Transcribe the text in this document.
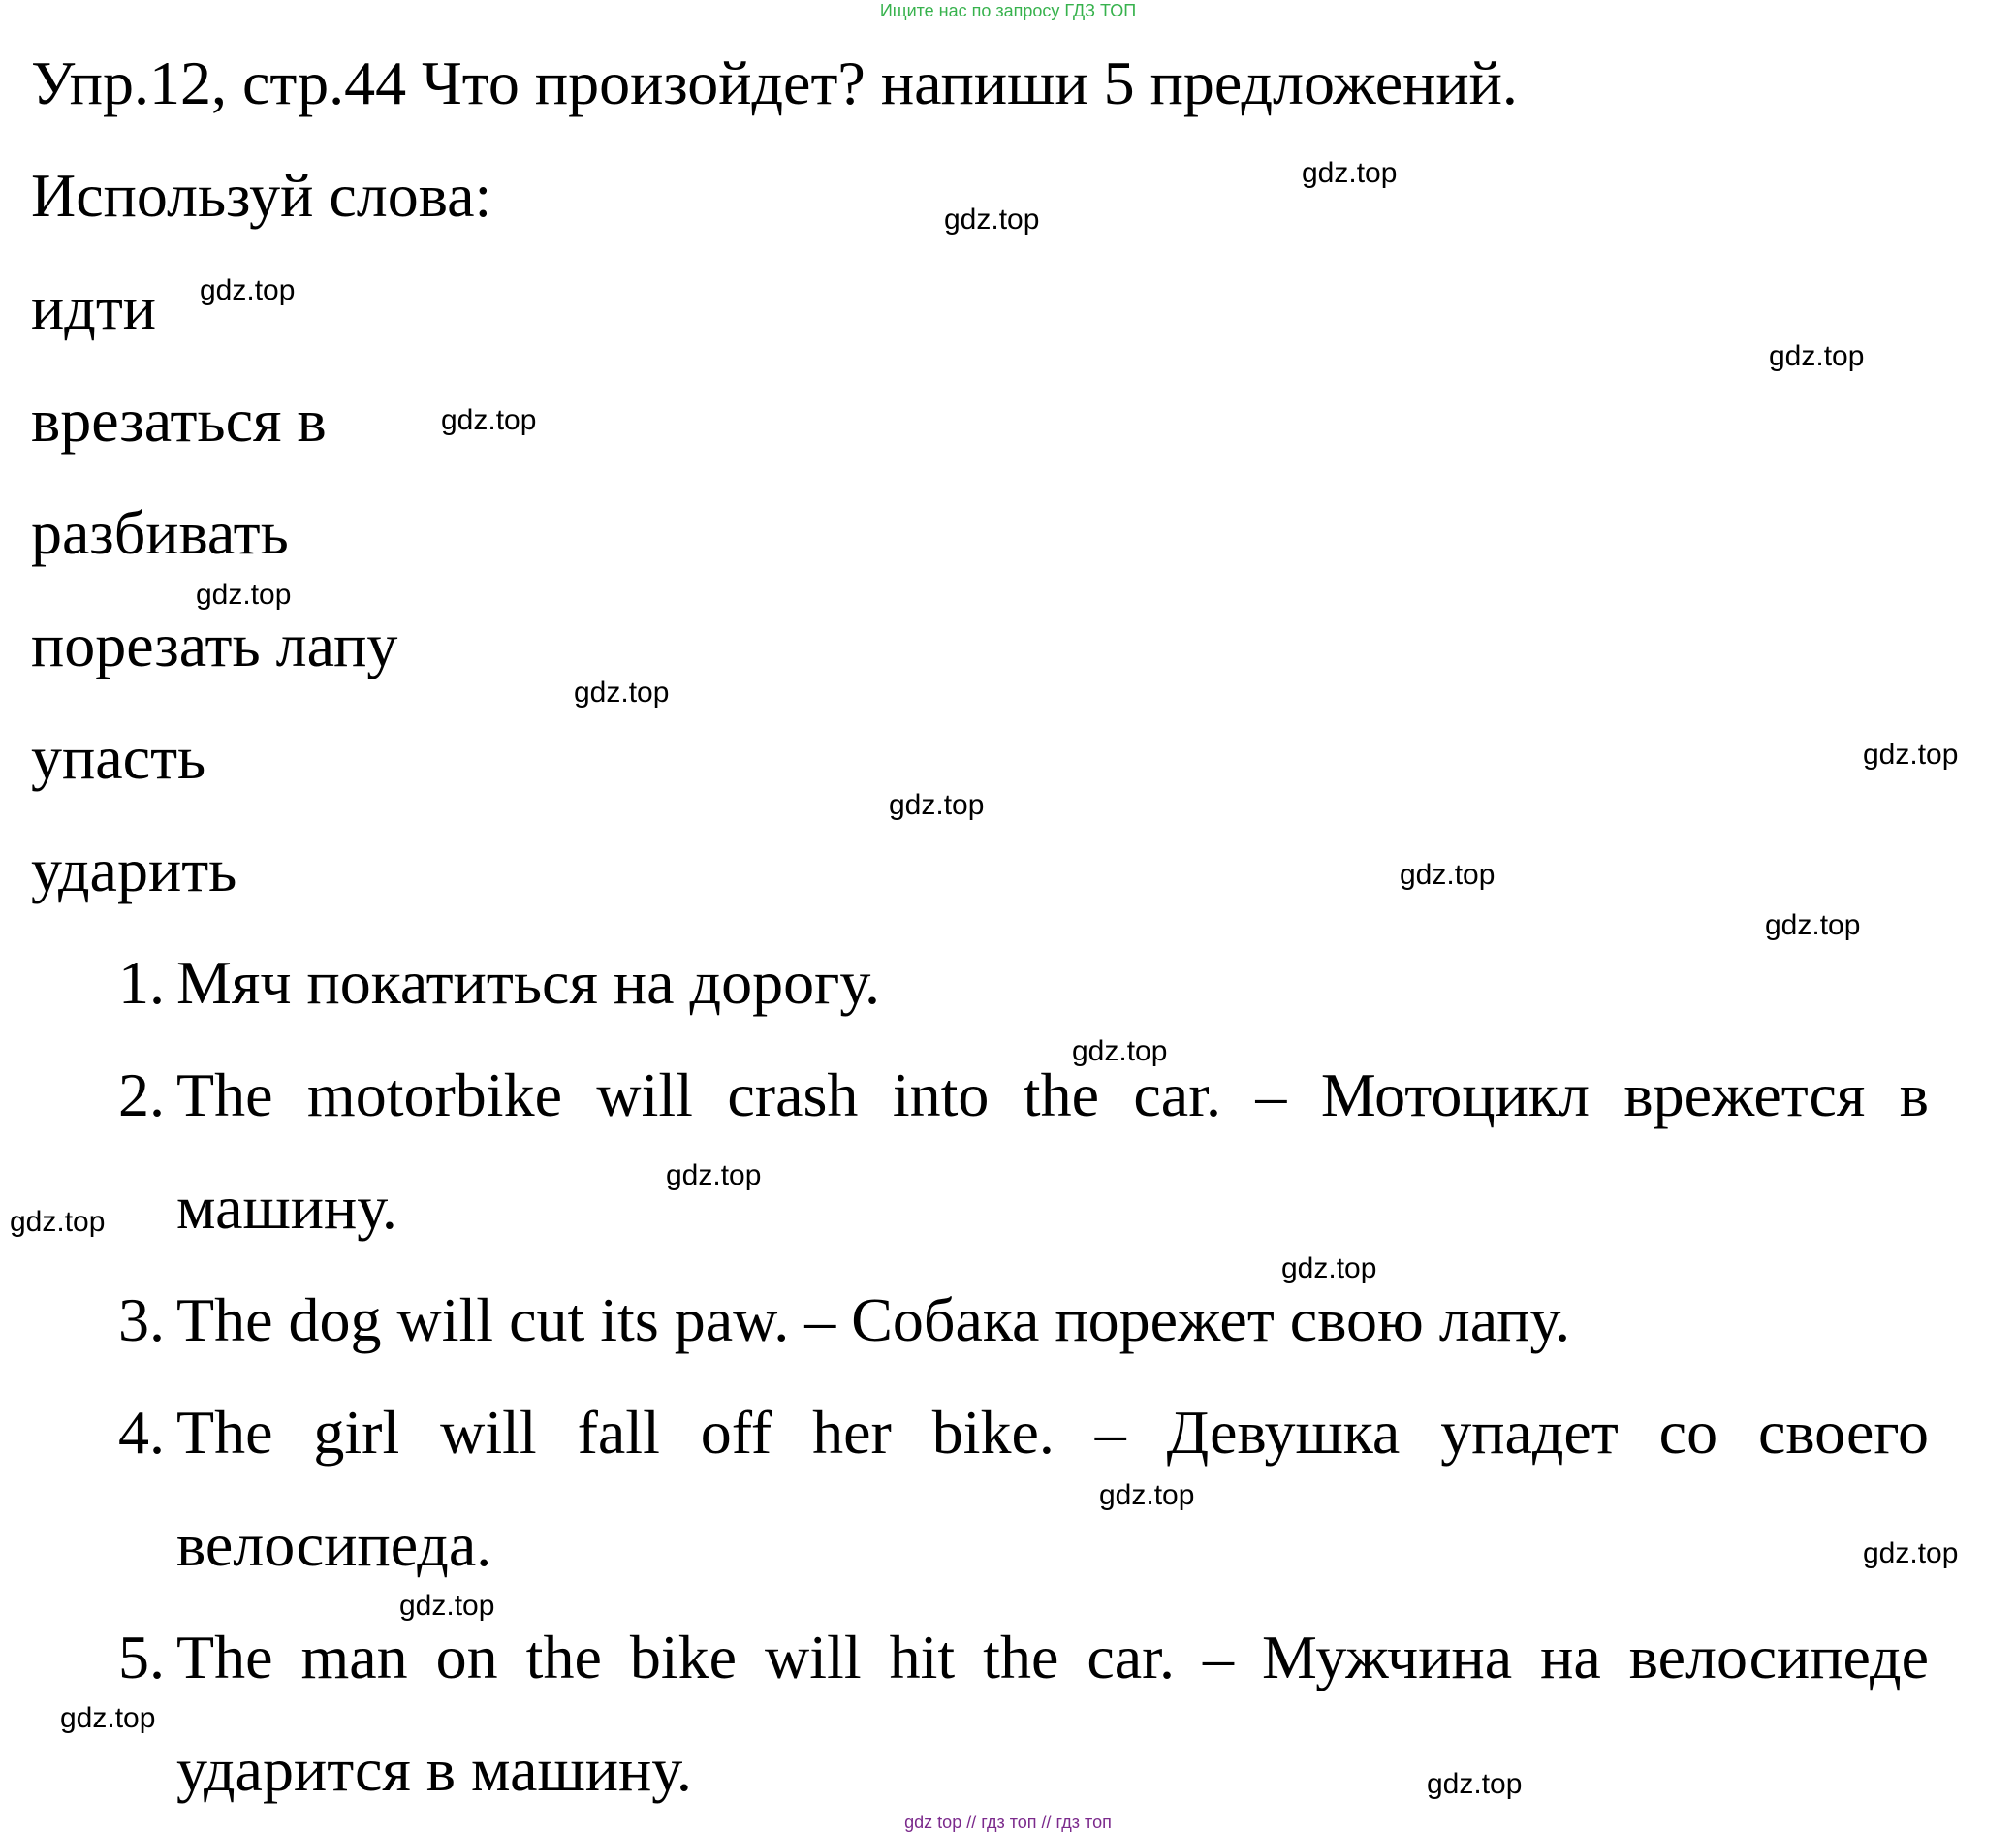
Ищите нас по запросу ГДЗ ТОП
Упр.12, стр.44 Что произойдет? напиши 5 предложений.
Используй слова:
идти
врезаться в
разбивать
порезать лапу
упасть
ударить
1. Мяч покатиться на дорогу.
2. The motorbike will crash into the car. – Мотоцикл врежется в
машину.
3. The dog will cut its paw. – Собака порежет свою лапу.
4. The girl will fall off her bike. – Девушка упадет со своего
велосипеда.
5. The man on the bike will hit the car. – Мужчина на велосипеде
ударится в машину.
gdz.top
gdz.top
gdz.top
gdz.top
gdz.top
gdz.top
gdz.top
gdz.top
gdz.top
gdz.top
gdz.top
gdz.top
gdz.top
gdz.top
gdz.top
gdz.top
gdz.top
gdz.top
gdz.top
gdz.top
gdz top // гдз топ // гдз топ
